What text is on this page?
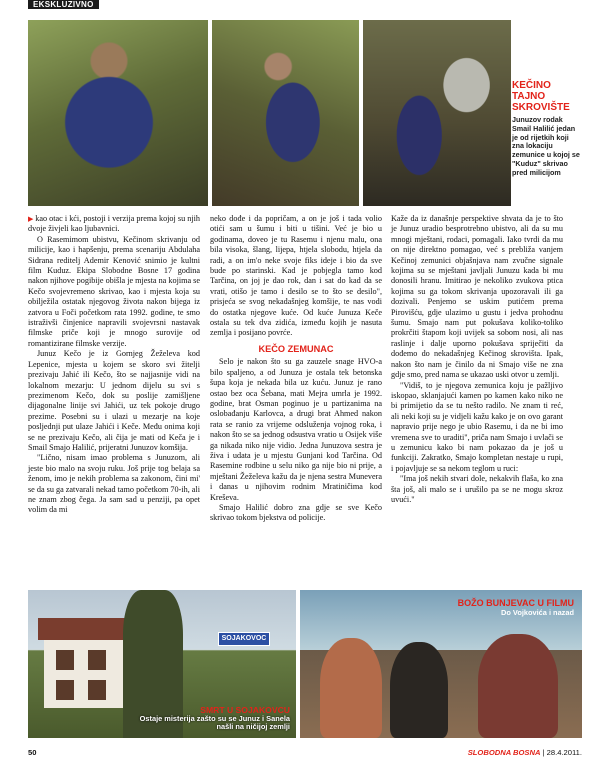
EKSKLUZIVNO
KEČINO TAJNO SKROVIŠTE
Junuzov rodak Smail Halilić jedan je od rijetkih koji zna lokaciju zemunice u kojoj se "Kuduz" skrivao pred milicijom

▶ kao otac i kći, postoji i verzija prema kojoj su njih dvoje živjeli kao ljubavnici.

O Rasemimom ubistvu, Kečinom skrivanju od milicije, kao i hapšenju, prema scenariju Abdulaha Sidrana reditelj Ademir Kenović snimio je kultni film Kuduz. Ekipa Slobodne Bosne 17 godina nakon njihove pogibije obišla je mjesta na kojima se Kečo svojevremeno skrivao, kao i mjesta koja su obilježila ostatak njegovog života nakon bijega iz zatvora u Foči početkom rata 1992. godine, te smo istraživši činjenice napravili svojevrsni nastavak filmske priče koji je mnogo surovije od romantizirane filmske verzije.

Junuz Kečo je iz Gornjeg Žeželeva kod Lepenice, mjesta u kojem se skoro svi žitelji prezivaju Jahić ili Kečo, što se najjasnije vidi na lokalnom mezarju: U jednom dijelu su svi s prezimenom Kečo, dok su poslije zamišljene dijagonalne linije svi Jahići, uz tek pokoje drugo prezime. Posebni su i ulazi u mezarje na koje posljednji put ulaze Jahići i Keče. Među onima koji se ne prezivaju Kečo, ali čija je mati od Keča je i Smail Smajo Halilić, prijeratni Junuzov komšija.

"Lično, nisam imao problema s Junuzom, ali jeste bio malo na svoju ruku. Još prije tog belaja sa ženom, imo je nekih problema sa zakonom, čini mi' se da su ga zatvarali nekad tamo početkom 70-ih, ali ne znam zbog čega. Ja sam sad u penziji, pa opet volim da mi

neko dođe i da popričam, a on je još i tada volio otići sam u šumu i biti u tišini. Već je bio u godinama, doveo je tu Rasemu i njenu malu, ona bila visoka, šlang, lijepa, htjela slobodu, htjela da radi, a on im'o neke svoje fiks ideje i bio da sve bude po starinski. Kad je pobjegla tamo kod Tarčina, on joj je dao rok, dan i sat do kad da se vrati, otišo je tamo i desilo se to što se desilo", prisjeća se svog nekadašnjeg komšije, te nas vodi do ostatka njegove kuće. Od kuće Junuza Keče ostala su tek dva zidića, između kojih je nasuta zemlja i posijano povrće.

KEČO ZEMUNAC

Selo je nakon što su ga zauzele snage HVO-a bilo spaljeno, a od Junuza je ostala tek betonska šupa koja je nekada bila uz kuću. Junuz je rano ostao bez oca Šebana, mati Mejra umrla je 1992. godine, brat Osman poginuo je u partizanima na oslobađanju Karlovca, a drugi brat Ahmed nakon rata se ranio za vrijeme odsluženja vojnog roka, i nakon što se sa jednog odsustva vratio u Osijek više ga nikada niko nije vidio. Jedna Junuzova sestra je živa i udata je u mjestu Gunjani kod Tarčina. Od Rasemine rodbine u selu niko ga nije bio ni prije, a mještani Žeželeva kažu da je njena sestra Munevera i danas u njihovim rodnim Mratiničima kod Kreševa.

Smajo Halilić dobro zna gdje se sve Kečo skrivao tokom bjekstva od policije.

Kaže da iz današnje perspektive shvata da je to što je Junuz uradio besprotrebno ubistvo, ali da su mu mnogi mještani, rodaci, pomagali. Iako tvrdi da mu on nije direktno pomagao, već s prebliža vanjem Kečinoj zemunici objašnjava nam zvučne signale kojima su se mještani javljali Junuzu kada bi mu donosili hranu. Imitirao je nekoliko zvukova ptica kojima su ga tokom skrivanja upozoravali ili ga dozivali. Penjemo se uskim putićem prema Pirovišću, gdje ulazimo u gustu i jedva prohodnu šumu. Smajo nam put pokušava koliko-toliko prokrčiti štapom koji uvijek sa sobom nosi, ali nas raslinje i dalje uporno pokušava spriječiti da dođemo do nekadašnjeg Kečinog skrovišta. Ipak, nakon što nam je činilo da ni Smajo više ne zna gdje smo, pred nama se ukazao uski otvor u zemlji.

"Vidiš, to je njegova zemunica koju je pažljivo iskopao, sklanjajući kamen po kamen kako niko ne bi primijetio da se tu nešto radilo. Ne znam ti reć, ali neki koji su je vidjeli kažu kako je on ovo garant napravio prije nego je ubio Rasemu, i da ne bi imo vremena sve to uraditi", priča nam Smajo i uvlači se u zemunicu kako bi nam pokazao da je još u funkciji. Zakratko, Smajo kompletan nestaje u rupi, i pojavljuje se sa nekom teglom u ruci:

"Ima još nekih stvari dole, nekakvih flaša, ko zna šta još, ali malo se i urušilo pa se ne mogu skroz uvući."

SOJAKOVOC
SMRT U SOJAKOVCU
Ostaje misterija zašto su se Junuz i Sanela našli na ničijoj zemlji
BOŽO BUNJEVAC U FILMU
Do Vojkovića i nazad
50	SLOBODNA BOSNA | 28.4.2011.
